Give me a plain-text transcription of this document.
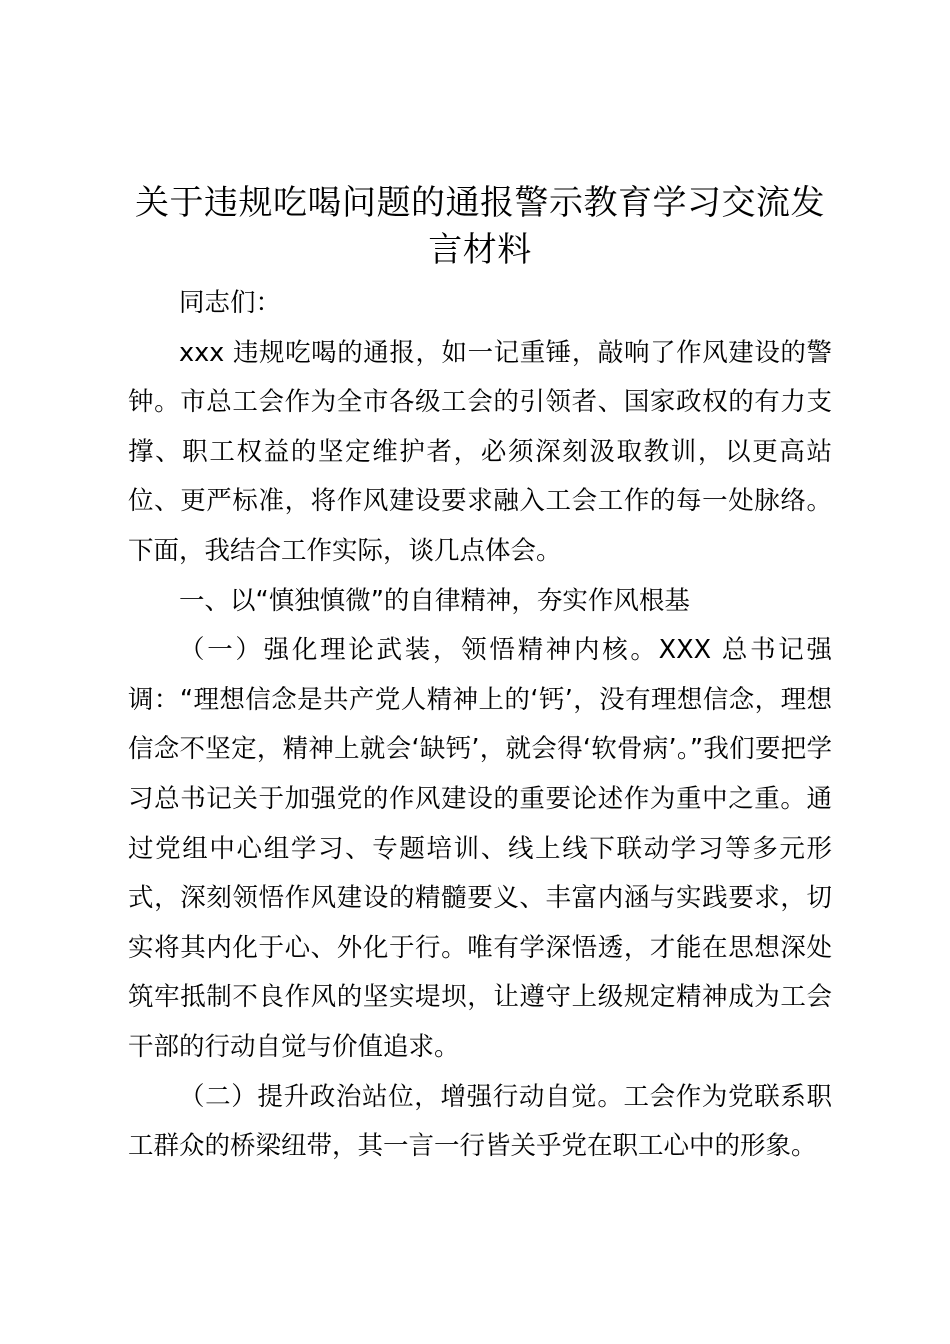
关于违规吃喝问题的通报警示教育学习交流发
言材料

同志们：

xxx 违规吃喝的通报，如一记重锤，敲响了作风建设的警钟。市总工会作为全市各级工会的引领者、国家政权的有力支撑、职工权益的坚定维护者，必须深刻汲取教训，以更高站位、更严标准，将作风建设要求融入工会工作的每一处脉络。下面，我结合工作实际，谈几点体会。

一、以“慎独慎微”的自律精神，夯实作风根基

（一）强化理论武装，领悟精神内核。XXX 总书记强调：“理想信念是共产党人精神上的‘钙’，没有理想信念，理想信念不坚定，精神上就会‘缺钙’，就会得‘软骨病’。”我们要把学习总书记关于加强党的作风建设的重要论述作为重中之重。通过党组中心组学习、专题培训、线上线下联动学习等多元形式，深刻领悟作风建设的精髓要义、丰富内涵与实践要求，切实将其内化于心、外化于行。唯有学深悟透，才能在思想深处筑牢抵制不良作风的坚实堤坝，让遵守上级规定精神成为工会干部的行动自觉与价值追求。

（二）提升政治站位，增强行动自觉。工会作为党联系职工群众的桥梁纽带，其一言一行皆关乎党在职工心中的形象。
